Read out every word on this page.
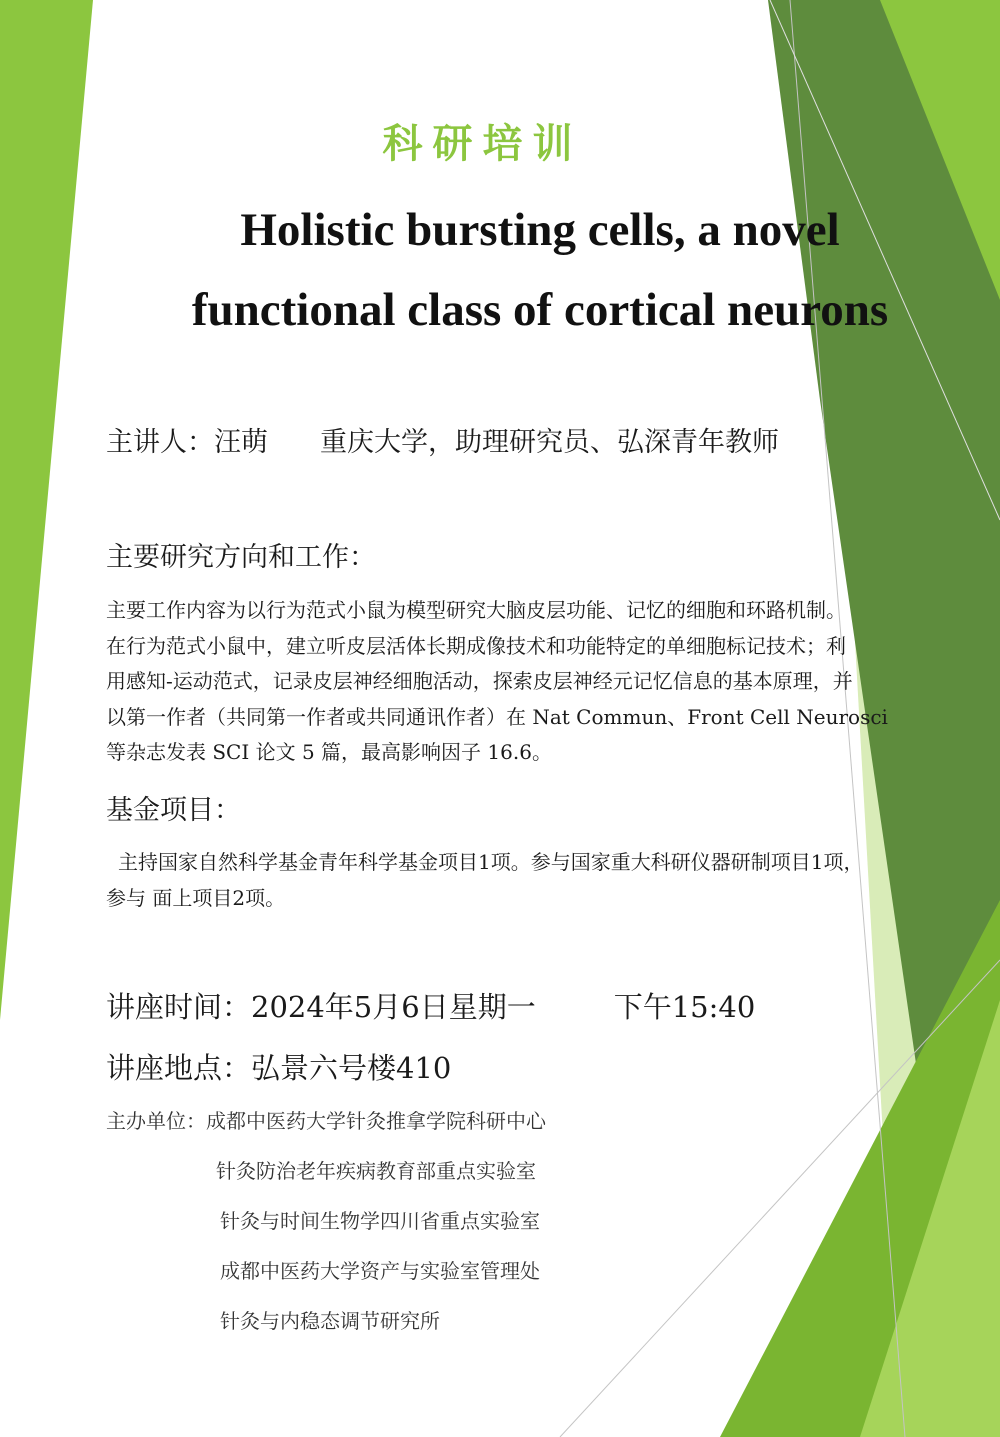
科研培训
Holistic bursting cells, a novel
functional class of cortical neurons
主讲人：汪萌 重庆大学，助理研究员、弘深青年教师
主要研究方向和工作：
主要工作内容为以行为范式小鼠为模型研究大脑皮层功能、记忆的细胞和环路机制。
在行为范式小鼠中，建立听皮层活体长期成像技术和功能特定的单细胞标记技术；利
用感知-运动范式，记录皮层神经细胞活动，探索皮层神经元记忆信息的基本原理，并
以第一作者（共同第一作者或共同通讯作者）在 Nat Commun、Front Cell Neurosci
等杂志发表 SCI 论文 5 篇，最高影响因子 16.6。
基金项目：
主持国家自然科学基金青年科学基金项目1项。参与国家重大科研仪器研制项目1项，
参与 面上项目2项。
讲座时间：2024年5月6日星期一	下午15:40
讲座地点：弘景六号楼410
主办单位：成都中医药大学针灸推拿学院科研中心
针灸防治老年疾病教育部重点实验室
针灸与时间生物学四川省重点实验室
成都中医药大学资产与实验室管理处
针灸与内稳态调节研究所
